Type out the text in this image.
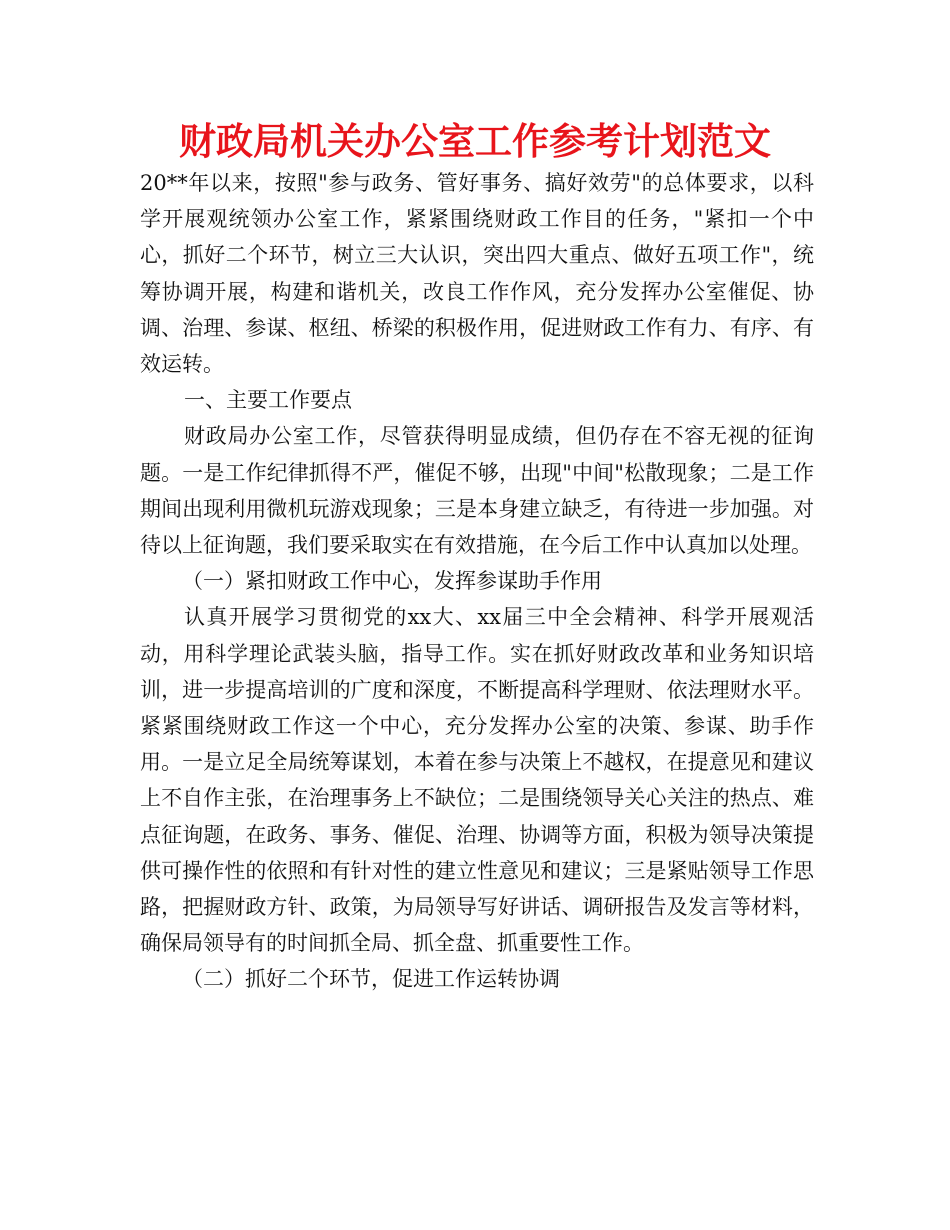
财政局机关办公室工作参考计划范文

20**年以来，按照"参与政务、管好事务、搞好效劳"的总体要求，以科学开展观统领办公室工作，紧紧围绕财政工作目的任务，"紧扣一个中心，抓好二个环节，树立三大认识，突出四大重点、做好五项工作"，统筹协调开展，构建和谐机关，改良工作作风，充分发挥办公室催促、协调、治理、参谋、枢纽、桥梁的积极作用，促进财政工作有力、有序、有效运转。

一、主要工作要点

财政局办公室工作，尽管获得明显成绩，但仍存在不容无视的征询题。一是工作纪律抓得不严，催促不够，出现"中间"松散现象；二是工作期间出现利用微机玩游戏现象；三是本身建立缺乏，有待进一步加强。对待以上征询题，我们要采取实在有效措施，在今后工作中认真加以处理。

（一）紧扣财政工作中心，发挥参谋助手作用

认真开展学习贯彻党的xx大、xx届三中全会精神、科学开展观活动，用科学理论武装头脑，指导工作。实在抓好财政改革和业务知识培训，进一步提高培训的广度和深度，不断提高科学理财、依法理财水平。紧紧围绕财政工作这一个中心，充分发挥办公室的决策、参谋、助手作用。一是立足全局统筹谋划，本着在参与决策上不越权，在提意见和建议上不自作主张，在治理事务上不缺位；二是围绕领导关心关注的热点、难点征询题，在政务、事务、催促、治理、协调等方面，积极为领导决策提供可操作性的依照和有针对性的建立性意见和建议；三是紧贴领导工作思路，把握财政方针、政策，为局领导写好讲话、调研报告及发言等材料，确保局领导有的时间抓全局、抓全盘、抓重要性工作。

（二）抓好二个环节，促进工作运转协调
